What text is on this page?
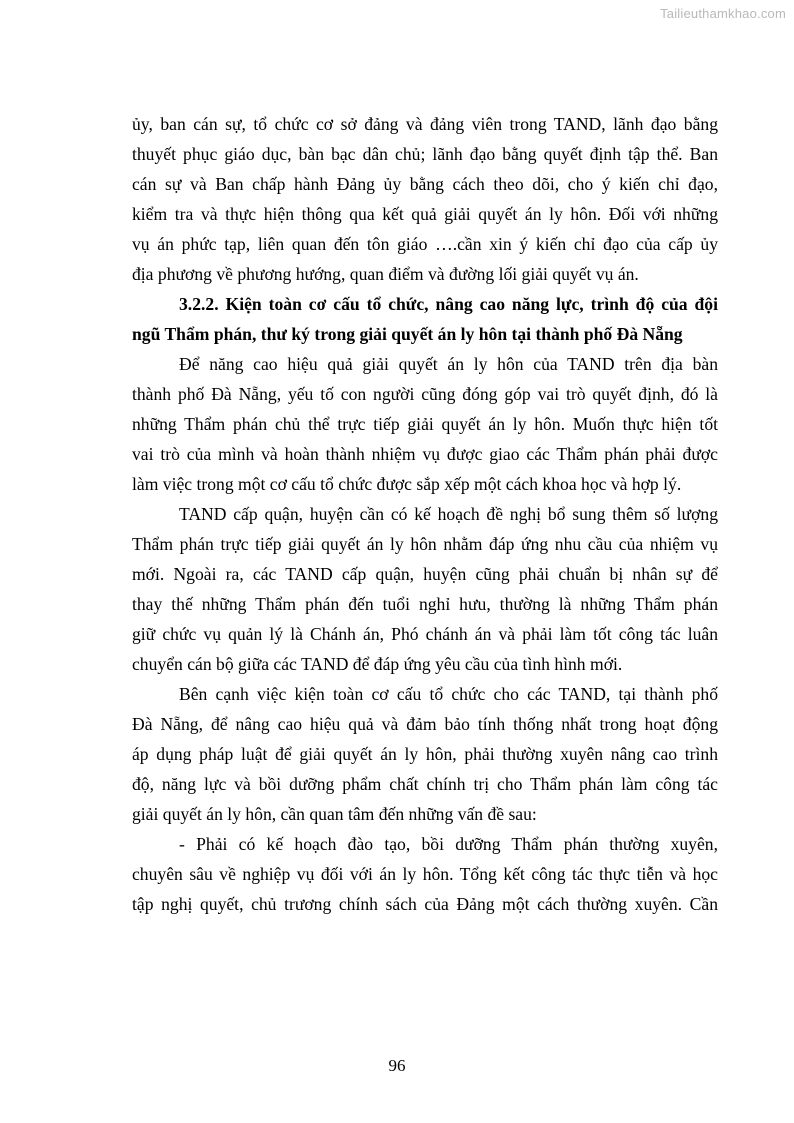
Tailieuthamkhao.com
ủy, ban cán sự, tổ chức cơ sở đảng và đảng viên trong TAND, lãnh đạo bằng
thuyết phục giáo dục, bàn bạc dân chủ; lãnh đạo bằng quyết định tập thể. Ban
cán sự và Ban chấp hành Đảng ủy bằng cách theo dõi, cho ý kiến chỉ đạo,
kiểm tra và thực hiện thông qua kết quả giải quyết án ly hôn. Đối với những
vụ án phức tạp, liên quan đến tôn giáo ….cần xin ý kiến chỉ đạo của cấp ủy
địa phương về phương hướng, quan điểm và đường lối giải quyết vụ án.
3.2.2. Kiện toàn cơ cấu tổ chức, nâng cao năng lực, trình độ của đội
ngũ Thẩm phán, thư ký trong giải quyết án ly hôn tại thành phố Đà Nẵng
Để năng cao hiệu quả giải quyết án ly hôn của TAND trên địa bàn
thành phố Đà Nẵng, yếu tố con người cũng đóng góp vai trò quyết định, đó là
những Thẩm phán chủ thể trực tiếp giải quyết án ly hôn. Muốn thực hiện tốt
vai trò của mình và hoàn thành nhiệm vụ được giao các Thẩm phán phải được
làm việc trong một cơ cấu tổ chức được sắp xếp một cách khoa học và hợp lý.
TAND cấp quận, huyện cần có kế hoạch đề nghị bổ sung thêm số lượng
Thẩm phán trực tiếp giải quyết án ly hôn nhằm đáp ứng nhu cầu của nhiệm vụ
mới. Ngoài ra, các TAND cấp quận, huyện cũng phải chuẩn bị nhân sự để
thay thế những Thẩm phán đến tuổi nghỉ hưu, thường là những Thẩm phán
giữ chức vụ quản lý là Chánh án, Phó chánh án và phải làm tốt công tác luân
chuyển cán bộ giữa các TAND để đáp ứng yêu cầu của tình hình mới.
Bên cạnh việc kiện toàn cơ cấu tổ chức cho các TAND, tại thành phố
Đà Nẵng, để nâng cao hiệu quả và đảm bảo tính thống nhất trong hoạt động
áp dụng pháp luật để giải quyết án ly hôn, phải thường xuyên nâng cao trình
độ, năng lực và bồi dưỡng phẩm chất chính trị cho Thẩm phán làm công tác
giải quyết án ly hôn, cần quan tâm đến những vấn đề sau:
- Phải có kế hoạch đào tạo, bồi dưỡng Thẩm phán thường xuyên,
chuyên sâu về nghiệp vụ đối với án ly hôn. Tổng kết công tác thực tiễn và học
tập nghị quyết, chủ trương chính sách của Đảng một cách thường xuyên. Cần
96
